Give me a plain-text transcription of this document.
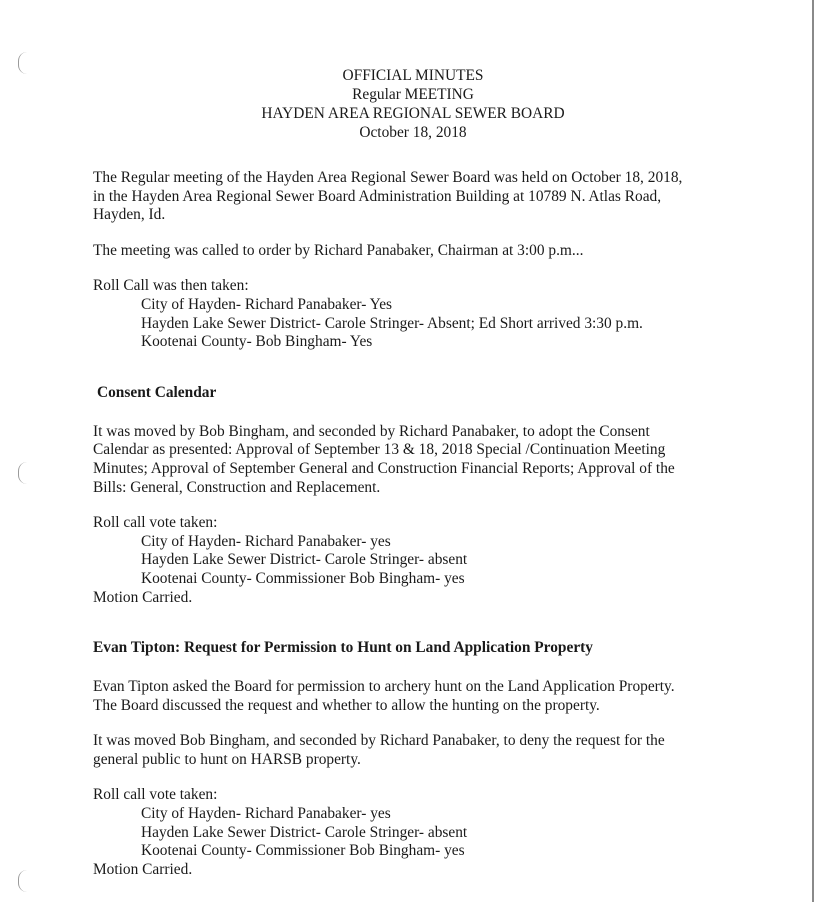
OFFICIAL MINUTES
Regular MEETING
HAYDEN AREA REGIONAL SEWER BOARD
October 18, 2018
The Regular meeting of the Hayden Area Regional Sewer Board was held on October 18, 2018,
in the Hayden Area Regional Sewer Board Administration Building at 10789 N. Atlas Road,
Hayden, Id.

The meeting was called to order by Richard Panabaker, Chairman at 3:00 p.m...

Roll Call was then taken:
City of Hayden- Richard Panabaker- Yes
Hayden Lake Sewer District- Carole Stringer- Absent; Ed Short arrived 3:30 p.m.
Kootenai County- Bob Bingham- Yes
Consent Calendar
It was moved by Bob Bingham, and seconded by Richard Panabaker, to adopt the Consent
Calendar as presented: Approval of September 13 & 18, 2018 Special /Continuation Meeting
Minutes; Approval of September General and Construction Financial Reports; Approval of the
Bills: General, Construction and Replacement.
Roll call vote taken:
City of Hayden- Richard Panabaker- yes
Hayden Lake Sewer District- Carole Stringer- absent
Kootenai County- Commissioner Bob Bingham- yes
Motion Carried.
Evan Tipton: Request for Permission to Hunt on Land Application Property
Evan Tipton asked the Board for permission to archery hunt on the Land Application Property.
The Board discussed the request and whether to allow the hunting on the property.
It was moved Bob Bingham, and seconded by Richard Panabaker, to deny the request for the
general public to hunt on HARSB property.
Roll call vote taken:
City of Hayden- Richard Panabaker- yes
Hayden Lake Sewer District- Carole Stringer- absent
Kootenai County- Commissioner Bob Bingham- yes
Motion Carried.
